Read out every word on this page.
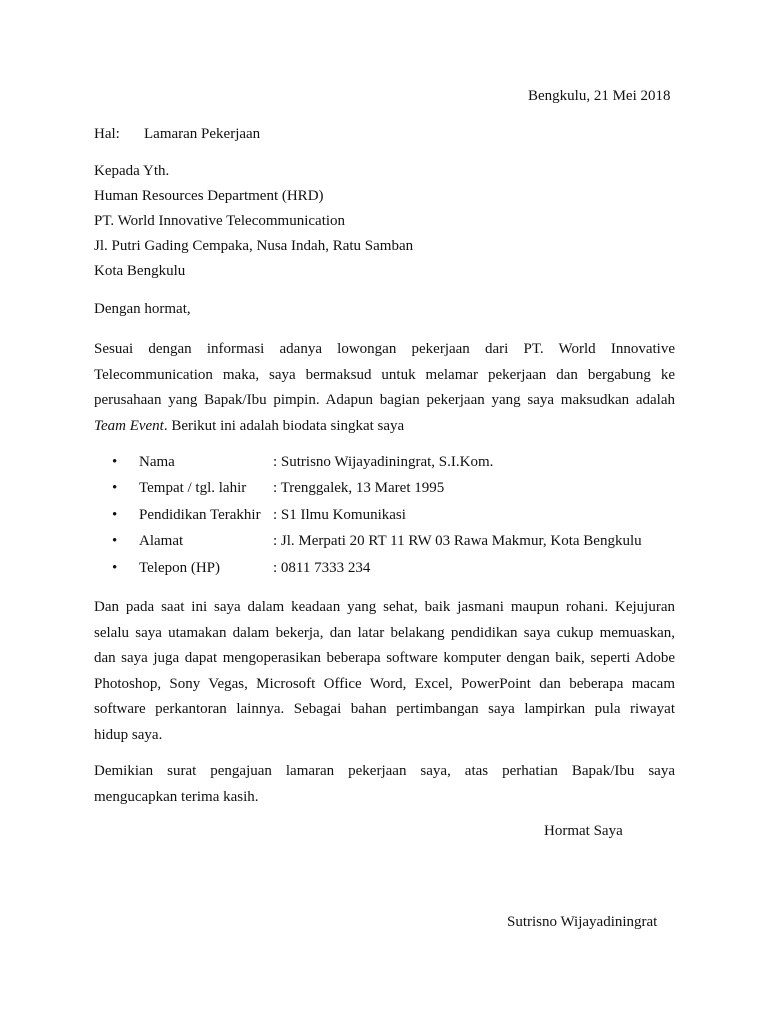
Bengkulu, 21 Mei 2018
Hal: Lamaran Pekerjaan
Kepada Yth.
Human Resources Department (HRD)
PT. World Innovative Telecommunication
Jl. Putri Gading Cempaka, Nusa Indah, Ratu Samban
Kota Bengkulu
Dengan hormat,
Sesuai dengan informasi adanya lowongan pekerjaan dari PT. World Innovative
Telecommunication maka, saya bermaksud untuk melamar pekerjaan dan bergabung ke
perusahaan yang Bapak/Ibu pimpin. Adapun bagian pekerjaan yang saya maksudkan adalah
Team Event. Berikut ini adalah biodata singkat saya
• Nama	: Sutrisno Wijayadiningrat, S.I.Kom.
• Tempat / tgl. lahir : Trenggalek, 13 Maret 1995
• Pendidikan Terakhir : S1 Ilmu Komunikasi
• Alamat	: Jl. Merpati 20 RT 11 RW 03 Rawa Makmur, Kota Bengkulu
• Telepon (HP)	: 0811 7333 234
Dan pada saat ini saya dalam keadaan yang sehat, baik jasmani maupun rohani. Kejujuran
selalu saya utamakan dalam bekerja, dan latar belakang pendidikan saya cukup memuaskan,
dan saya juga dapat mengoperasikan beberapa software komputer dengan baik, seperti Adobe
Photoshop, Sony Vegas, Microsoft Office Word, Excel, PowerPoint dan beberapa macam
software perkantoran lainnya. Sebagai bahan pertimbangan saya lampirkan pula riwayat
hidup saya.
Demikian surat pengajuan lamaran pekerjaan saya, atas perhatian Bapak/Ibu saya
mengucapkan terima kasih.
Hormat Saya
Sutrisno Wijayadiningrat
